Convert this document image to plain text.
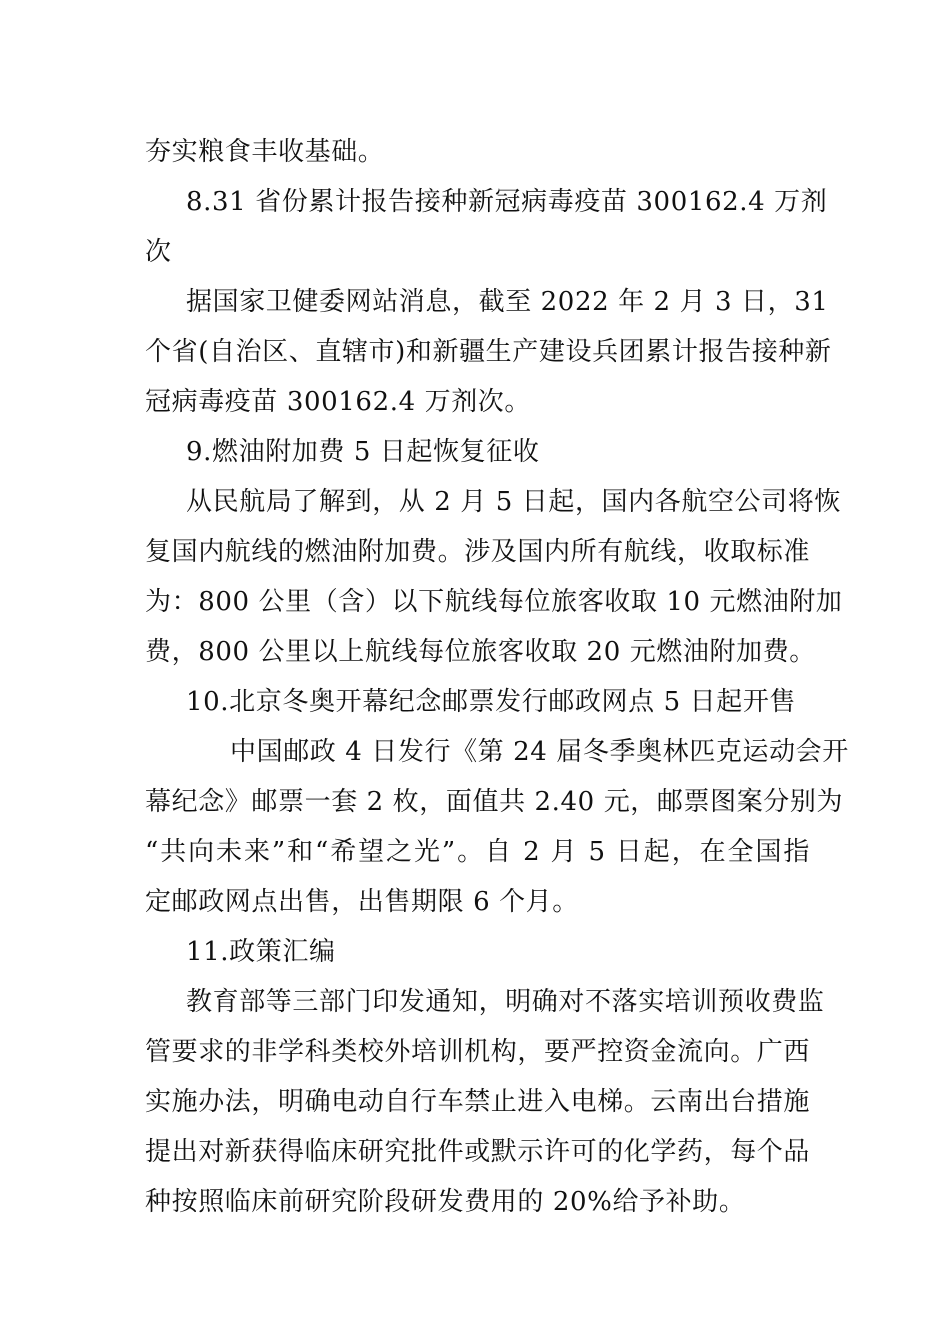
夯实粮食丰收基础。
8.31 省份累计报告接种新冠病毒疫苗 300162.4 万剂
次
据国家卫健委网站消息，截至 2022 年 2 月 3 日，31
个省(自治区、直辖市)和新疆生产建设兵团累计报告接种新
冠病毒疫苗 300162.4 万剂次。
9.燃油附加费 5 日起恢复征收
从民航局了解到，从 2 月 5 日起，国内各航空公司将恢
复国内航线的燃油附加费。涉及国内所有航线，收取标准
为：800 公里（含）以下航线每位旅客收取 10 元燃油附加
费，800 公里以上航线每位旅客收取 20 元燃油附加费。
10.北京冬奥开幕纪念邮票发行邮政网点 5 日起开售
中国邮政 4 日发行《第 24 届冬季奥林匹克运动会开
幕纪念》邮票一套 2 枚，面值共 2.40 元，邮票图案分别为
“共向未来”和“希望之光”。自 2 月 5 日起，在全国指
定邮政网点出售，出售期限 6 个月。
11.政策汇编
教育部等三部门印发通知，明确对不落实培训预收费监
管要求的非学科类校外培训机构，要严控资金流向。广西
实施办法，明确电动自行车禁止进入电梯。云南出台措施
提出对新获得临床研究批件或默示许可的化学药，每个品
种按照临床前研究阶段研发费用的 20%给予补助。
